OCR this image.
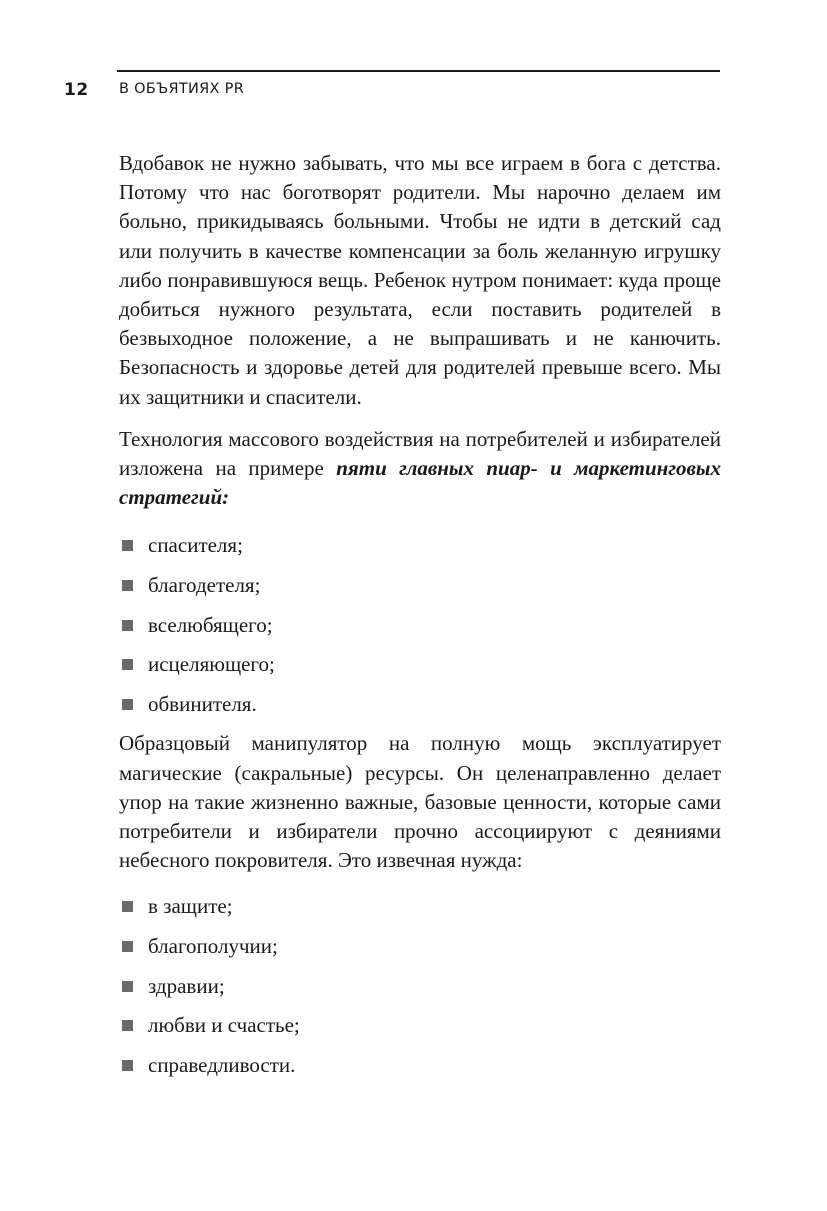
12 В ОБЪЯТИЯХ PR

Вдобавок не нужно забывать, что мы все играем в бога с детства. Потому что нас боготворят родители. Мы нарочно делаем им больно, прикидываясь больными. Чтобы не идти в детский сад или получить в качестве компенсации за боль желанную игрушку либо понравившуюся вещь. Ребенок нутром понимает: куда проще добиться нужного результата, если поставить родителей в безвыходное положение, а не выпрашивать и не канючить. Безопасность и здоровье детей для родителей превыше всего. Мы их защитники и спасители.

Технология массового воздействия на потребителей и избирателей изложена на примере пяти главных пиар- и маркетинговых стратегий:

спасителя;
благодетеля;
вселюбящего;
исцеляющего;
обвинителя.

Образцовый манипулятор на полную мощь эксплуатирует магические (сакральные) ресурсы. Он целенаправленно делает упор на такие жизненно важные, базовые ценности, которые сами потребители и избиратели прочно ассоциируют с деяниями небесного покровителя. Это извечная нужда:

в защите;
благополучии;
здравии;
любви и счастье;
справедливости.
